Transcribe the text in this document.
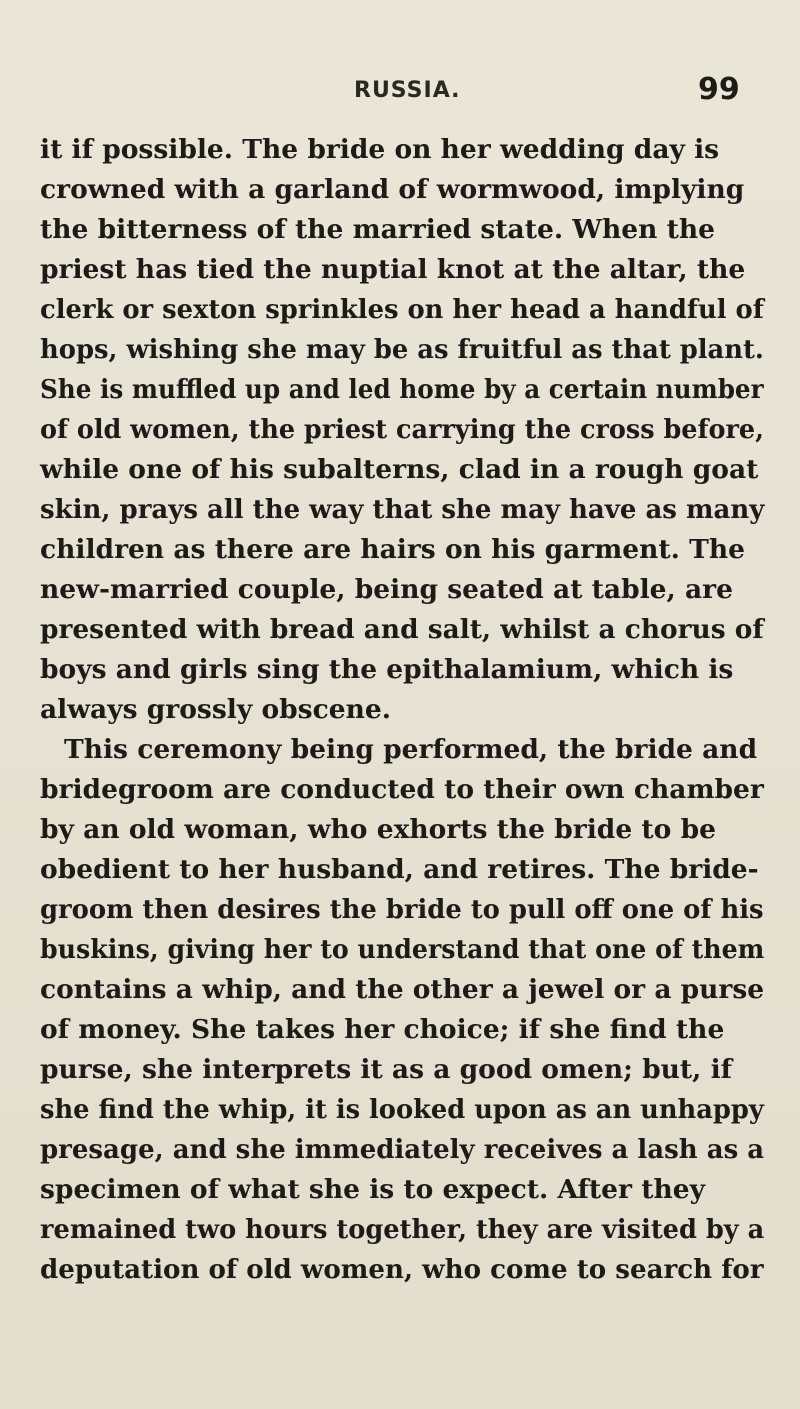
RUSSIA.	99
it if possible. The bride on her wedding day is
crowned with a garland of wormwood, implying
the bitterness of the married state. When the
priest has tied the nuptial knot at the altar, the
clerk or sexton sprinkles on her head a handful of
hops, wishing she may be as fruitful as that plant.
She is muffled up and led home by a certain number
of old women, the priest carrying the cross before,
while one of his subalterns, clad in a rough goat
skin, prays all the way that she may have as many
children as there are hairs on his garment. The
new-married couple, being seated at table, are
presented with bread and salt, whilst a chorus of
boys and girls sing the epithalamium, which is
always grossly obscene.
This ceremony being performed, the bride and
bridegroom are conducted to their own chamber
by an old woman, who exhorts the bride to be
obedient to her husband, and retires. The bride-
groom then desires the bride to pull off one of his
buskins, giving her to understand that one of them
contains a whip, and the other a jewel or a purse
of money. She takes her choice; if she find the
purse, she interprets it as a good omen; but, if
she find the whip, it is looked upon as an unhappy
presage, and she immediately receives a lash as a
specimen of what she is to expect. After they
remained two hours together, they are visited by a
deputation of old women, who come to search for
